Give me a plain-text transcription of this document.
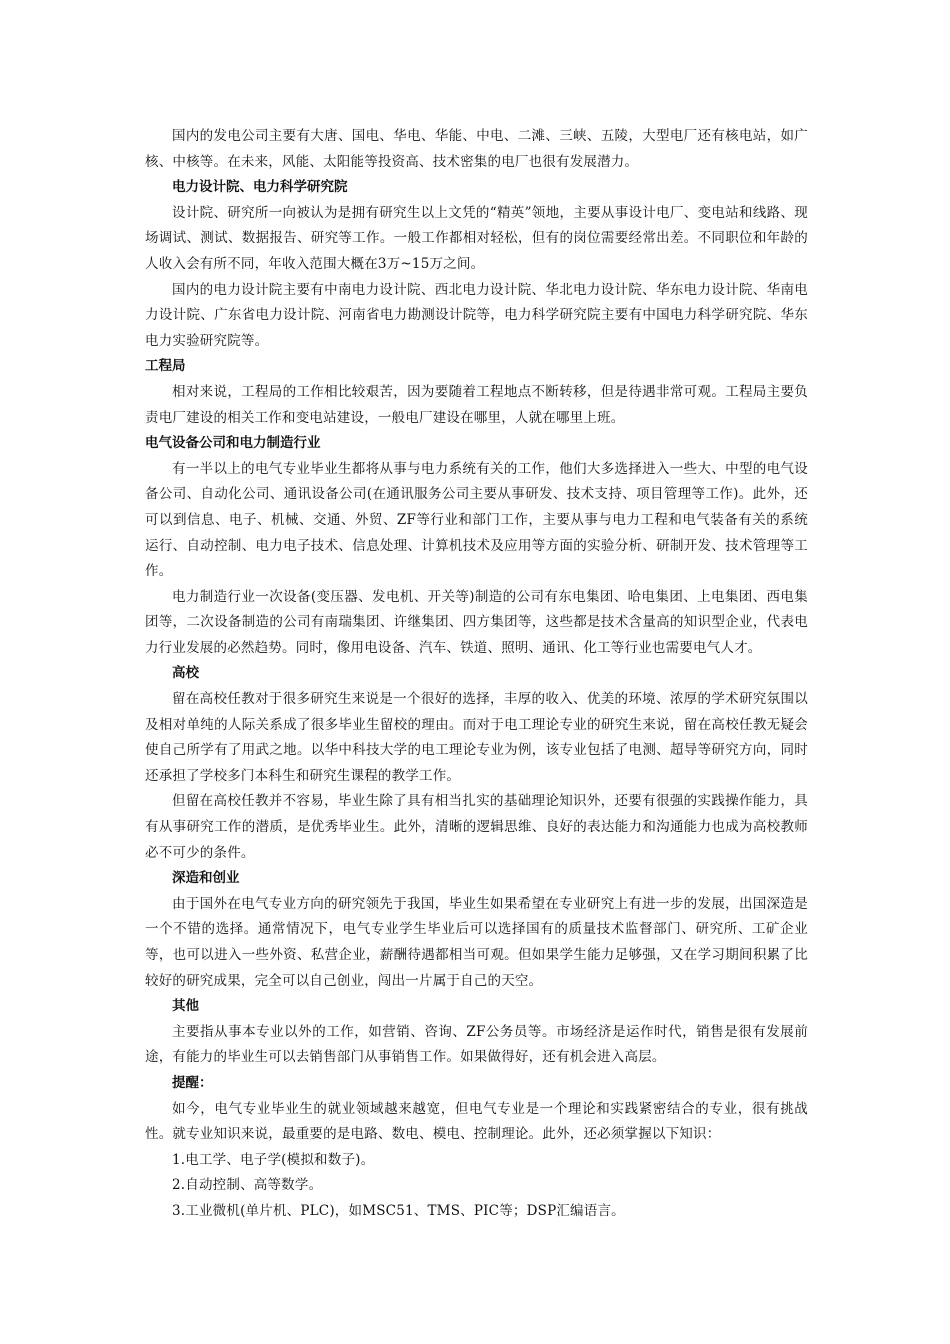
国内的发电公司主要有大唐、国电、华电、华能、中电、二滩、三峡、五陵，大型电厂还有核电站，如广核、中核等。在未来，风能、太阳能等投资高、技术密集的电厂也很有发展潜力。

电力设计院、电力科学研究院

设计院、研究所一向被认为是拥有研究生以上文凭的“精英”领地，主要从事设计电厂、变电站和线路、现场调试、测试、数据报告、研究等工作。一般工作都相对轻松，但有的岗位需要经常出差。不同职位和年龄的人收入会有所不同，年收入范围大概在3万~15万之间。

国内的电力设计院主要有中南电力设计院、西北电力设计院、华北电力设计院、华东电力设计院、华南电力设计院、广东省电力设计院、河南省电力勘测设计院等，电力科学研究院主要有中国电力科学研究院、华东电力实验研究院等。

工程局

相对来说，工程局的工作相比较艰苦，因为要随着工程地点不断转移，但是待遇非常可观。工程局主要负责电厂建设的相关工作和变电站建设，一般电厂建设在哪里，人就在哪里上班。

电气设备公司和电力制造行业

有一半以上的电气专业毕业生都将从事与电力系统有关的工作，他们大多选择进入一些大、中型的电气设备公司、自动化公司、通讯设备公司(在通讯服务公司主要从事研发、技术支持、项目管理等工作)。此外，还可以到信息、电子、机械、交通、外贸、ZF等行业和部门工作，主要从事与电力工程和电气装备有关的系统运行、自动控制、电力电子技术、信息处理、计算机技术及应用等方面的实验分析、研制开发、技术管理等工作。

电力制造行业一次设备(变压器、发电机、开关等)制造的公司有东电集团、哈电集团、上电集团、西电集团等，二次设备制造的公司有南瑞集团、许继集团、四方集团等，这些都是技术含量高的知识型企业，代表电力行业发展的必然趋势。同时，像用电设备、汽车、铁道、照明、通讯、化工等行业也需要电气人才。

高校

留在高校任教对于很多研究生来说是一个很好的选择，丰厚的收入、优美的环境、浓厚的学术研究氛围以及相对单纯的人际关系成了很多毕业生留校的理由。而对于电工理论专业的研究生来说，留在高校任教无疑会使自己所学有了用武之地。以华中科技大学的电工理论专业为例，该专业包括了电测、超导等研究方向，同时还承担了学校多门本科生和研究生课程的教学工作。

但留在高校任教并不容易，毕业生除了具有相当扎实的基础理论知识外，还要有很强的实践操作能力，具有从事研究工作的潜质，是优秀毕业生。此外，清晰的逻辑思维、良好的表达能力和沟通能力也成为高校教师必不可少的条件。

深造和创业

由于国外在电气专业方向的研究领先于我国，毕业生如果希望在专业研究上有进一步的发展，出国深造是一个不错的选择。通常情况下，电气专业学生毕业后可以选择国有的质量技术监督部门、研究所、工矿企业等，也可以进入一些外资、私营企业，薪酬待遇都相当可观。但如果学生能力足够强，又在学习期间积累了比较好的研究成果，完全可以自己创业，闯出一片属于自己的天空。

其他

主要指从事本专业以外的工作，如营销、咨询、ZF公务员等。市场经济是运作时代，销售是很有发展前途，有能力的毕业生可以去销售部门从事销售工作。如果做得好，还有机会进入高层。

提醒：

如今，电气专业毕业生的就业领域越来越宽，但电气专业是一个理论和实践紧密结合的专业，很有挑战性。就专业知识来说，最重要的是电路、数电、模电、控制理论。此外，还必须掌握以下知识：

1.电工学、电子学(模拟和数子)。

2.自动控制、高等数学。

3.工业微机(单片机、PLC)，如MSC51、TMS、PIC等；DSP汇编语言。
